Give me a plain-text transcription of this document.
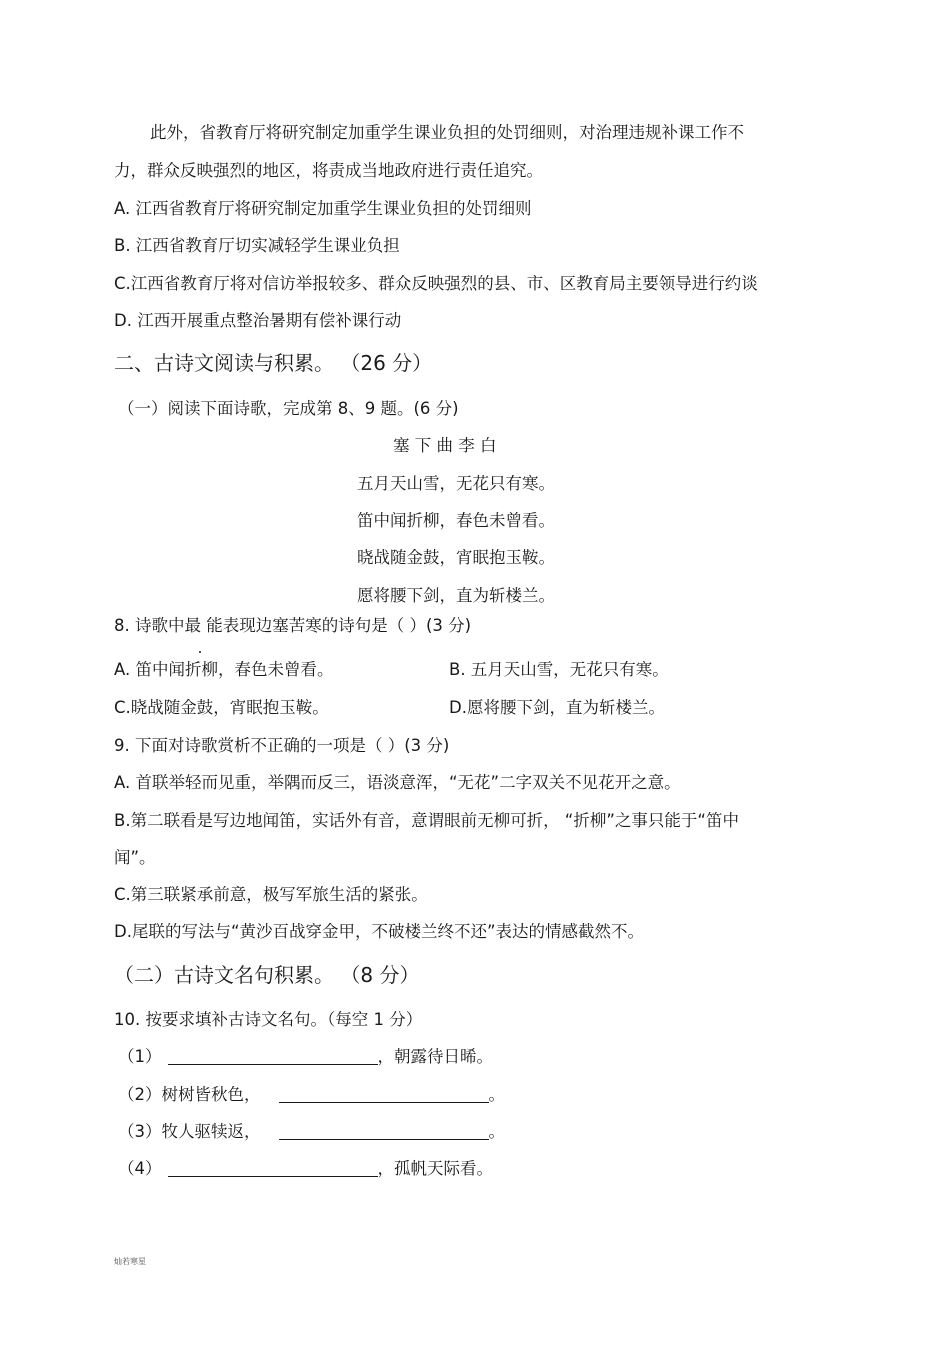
此外，省教育厅将研究制定加重学生课业负担的处罚细则，对治理违规补课工作不
力，群众反映强烈的地区，将责成当地政府进行责任追究。
A. 江西省教育厅将研究制定加重学生课业负担的处罚细则
B. 江西省教育厅切实减轻学生课业负担
C.江西省教育厅将对信访举报较多、群众反映强烈的县、市、区教育局主要领导进行约谈
D. 江西开展重点整治暑期有偿补课行动
二、古诗文阅读与积累。 （26 分）
（一）阅读下面诗歌，完成第 8、9 题。(6 分)
塞 下 曲 李 白
五月天山雪，无花只有寒。
笛中闻折柳，春色未曾看。
晓战随金鼓，宵眠抱玉鞍。
愿将腰下剑，直为斩楼兰。
8. 诗歌中最 能表现边塞苦寒的诗句是（ ）(3 分)
A. 笛中闻折柳，春色未曾看。	B. 五月天山雪，无花只有寒。
C.晓战随金鼓，宵眠抱玉鞍。	D.愿将腰下剑，直为斩楼兰。
9. 下面对诗歌赏析不正确的一项是（ ）(3 分)
A. 首联举轻而见重，举隅而反三，语淡意浑，“无花”二字双关不见花开之意。
B.第二联看是写边地闻笛，实话外有音，意谓眼前无柳可折， “折柳”之事只能于“笛中
闻”。
C.第三联紧承前意，极写军旅生活的紧张。
D.尾联的写法与“黄沙百战穿金甲，不破楼兰终不还”表达的情感截然不。
（二）古诗文名句积累。 （8 分）
10. 按要求填补古诗文名句。（每空 1 分）
（1）	，朝露待日晞。
（2）树树皆秋色，	。
（3）牧人驱犊返，	。
（4）	，孤帆天际看。
灿若寒星
